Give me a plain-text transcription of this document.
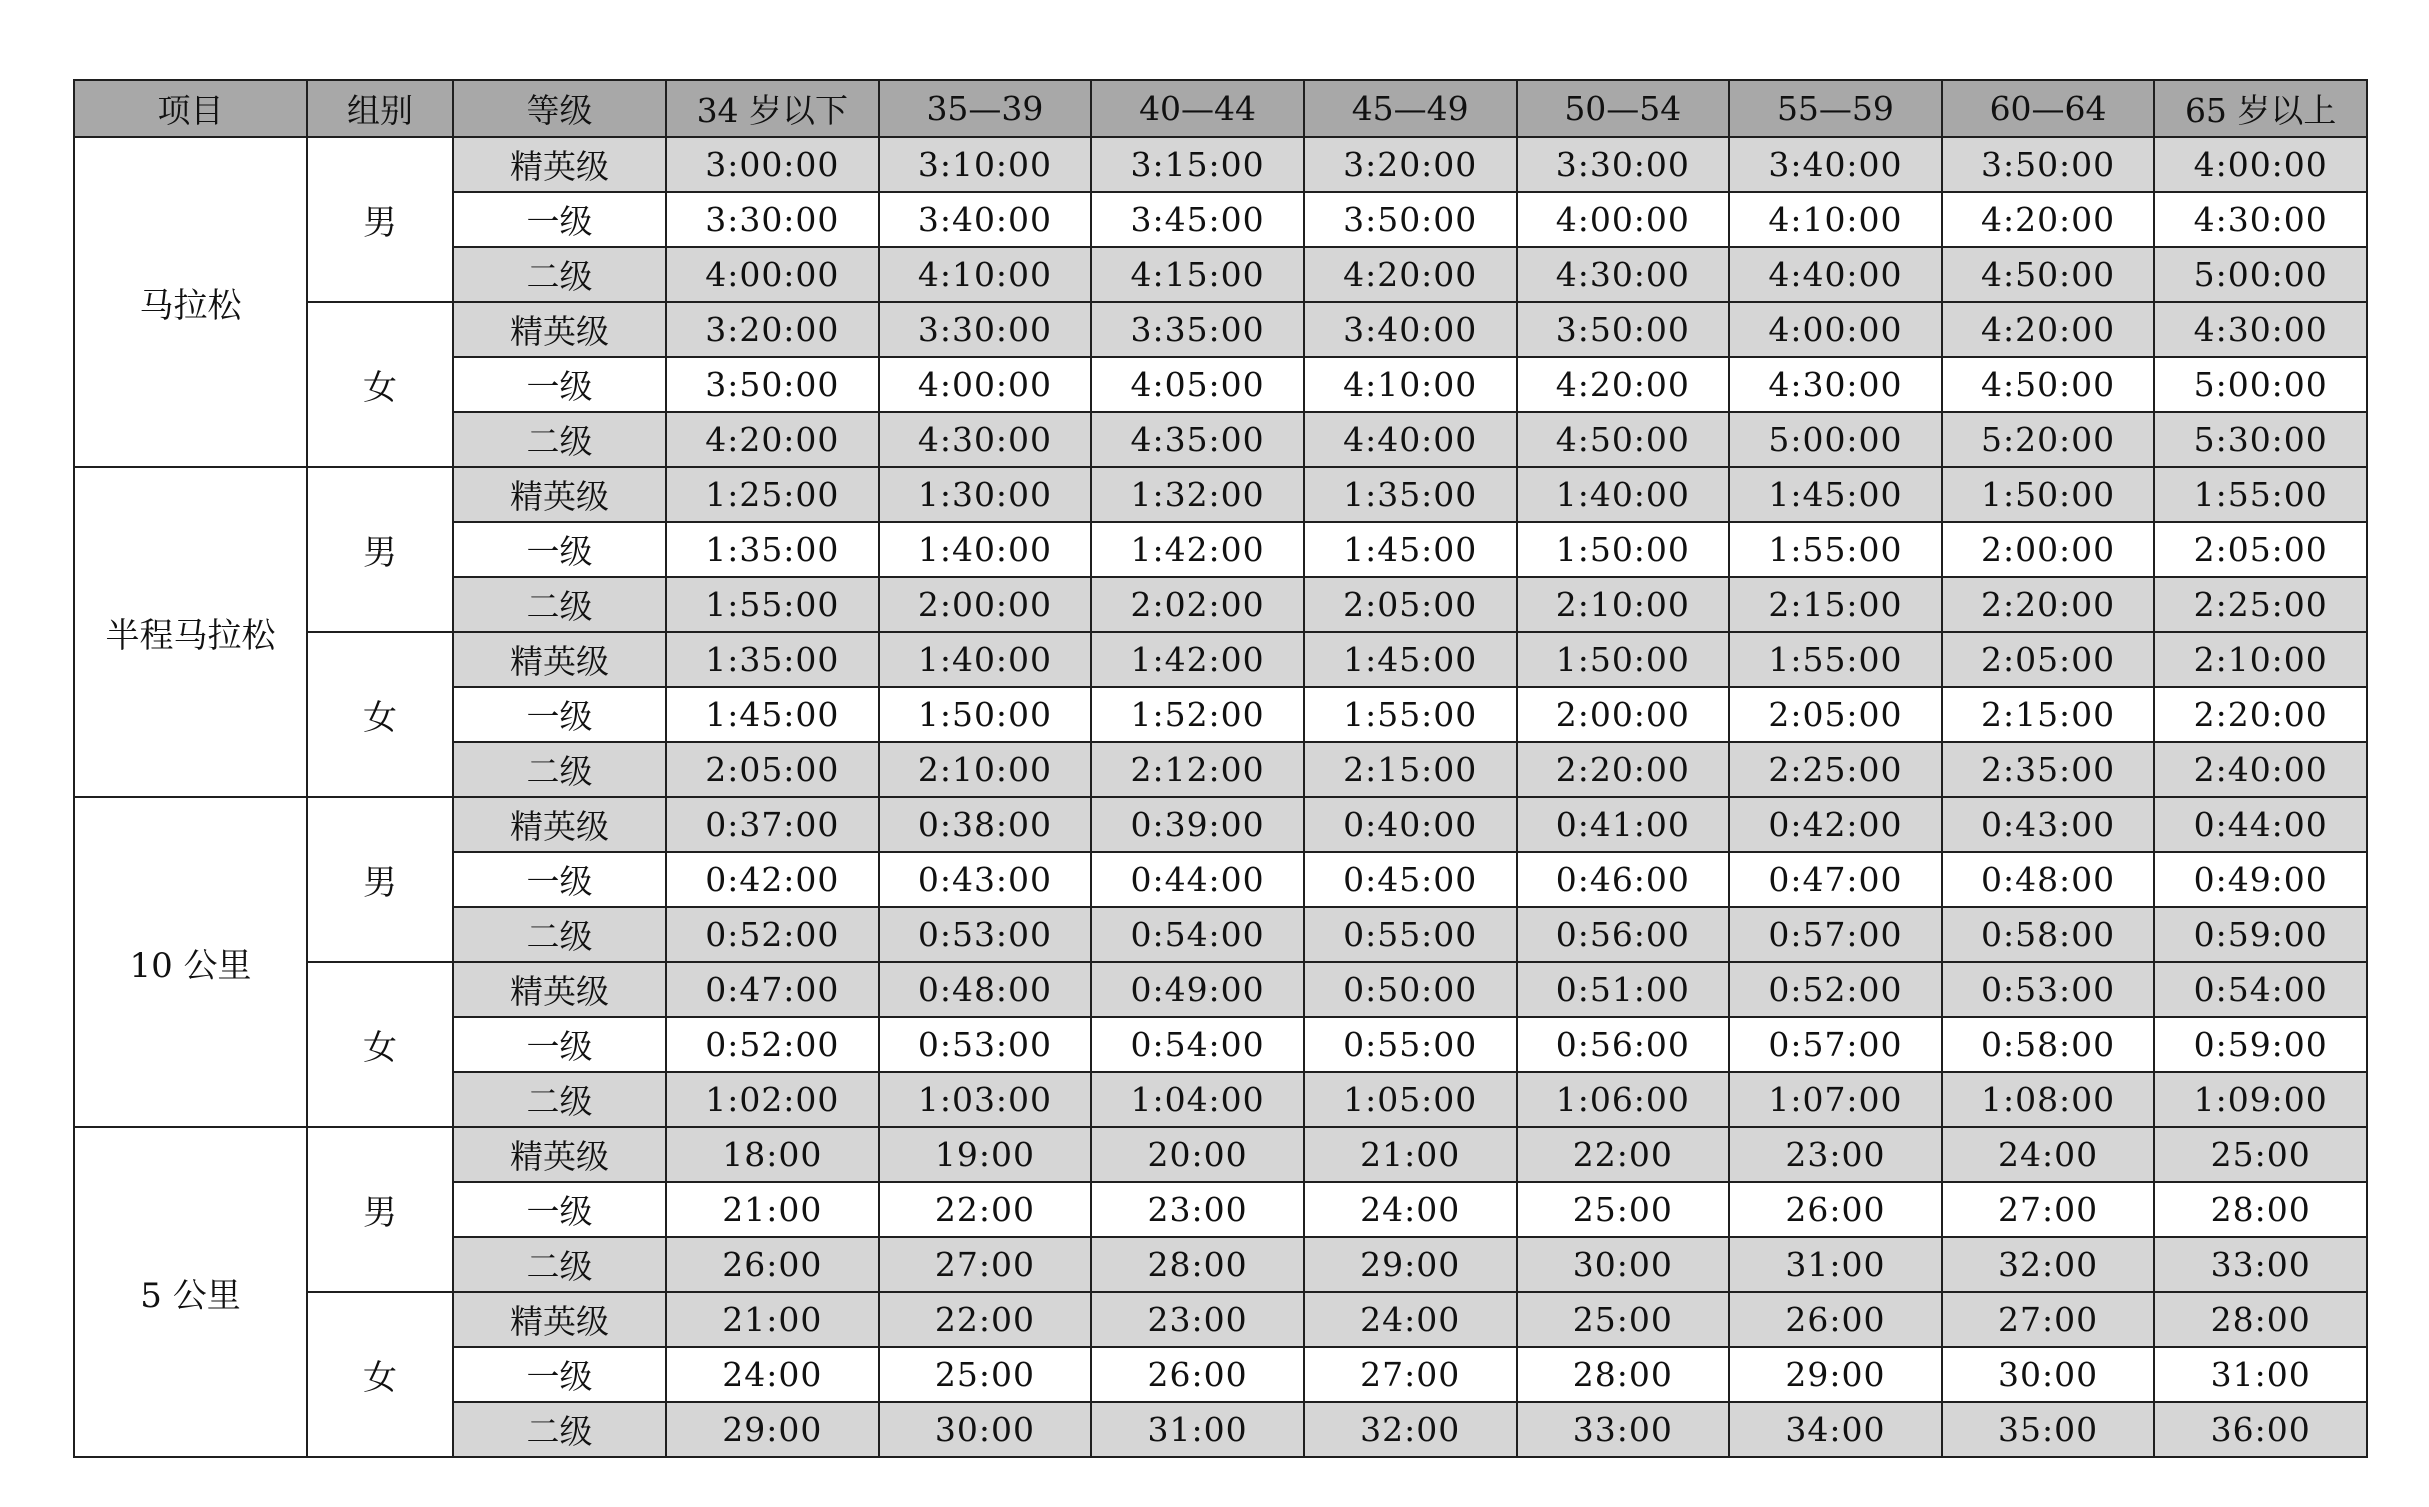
项目	组别	等级	34 岁以下	35—39	40—44	45—49	50—54	55—59	60—64	65 岁以上
马拉松	男	精英级	3:00:00	3:10:00	3:15:00	3:20:00	3:30:00	3:40:00	3:50:00	4:00:00
		一级	3:30:00	3:40:00	3:45:00	3:50:00	4:00:00	4:10:00	4:20:00	4:30:00
		二级	4:00:00	4:10:00	4:15:00	4:20:00	4:30:00	4:40:00	4:50:00	5:00:00
	女	精英级	3:20:00	3:30:00	3:35:00	3:40:00	3:50:00	4:00:00	4:20:00	4:30:00
		一级	3:50:00	4:00:00	4:05:00	4:10:00	4:20:00	4:30:00	4:50:00	5:00:00
		二级	4:20:00	4:30:00	4:35:00	4:40:00	4:50:00	5:00:00	5:20:00	5:30:00
半程马拉松	男	精英级	1:25:00	1:30:00	1:32:00	1:35:00	1:40:00	1:45:00	1:50:00	1:55:00
		一级	1:35:00	1:40:00	1:42:00	1:45:00	1:50:00	1:55:00	2:00:00	2:05:00
		二级	1:55:00	2:00:00	2:02:00	2:05:00	2:10:00	2:15:00	2:20:00	2:25:00
	女	精英级	1:35:00	1:40:00	1:42:00	1:45:00	1:50:00	1:55:00	2:05:00	2:10:00
		一级	1:45:00	1:50:00	1:52:00	1:55:00	2:00:00	2:05:00	2:15:00	2:20:00
		二级	2:05:00	2:10:00	2:12:00	2:15:00	2:20:00	2:25:00	2:35:00	2:40:00
10 公里	男	精英级	0:37:00	0:38:00	0:39:00	0:40:00	0:41:00	0:42:00	0:43:00	0:44:00
		一级	0:42:00	0:43:00	0:44:00	0:45:00	0:46:00	0:47:00	0:48:00	0:49:00
		二级	0:52:00	0:53:00	0:54:00	0:55:00	0:56:00	0:57:00	0:58:00	0:59:00
	女	精英级	0:47:00	0:48:00	0:49:00	0:50:00	0:51:00	0:52:00	0:53:00	0:54:00
		一级	0:52:00	0:53:00	0:54:00	0:55:00	0:56:00	0:57:00	0:58:00	0:59:00
		二级	1:02:00	1:03:00	1:04:00	1:05:00	1:06:00	1:07:00	1:08:00	1:09:00
5 公里	男	精英级	18:00	19:00	20:00	21:00	22:00	23:00	24:00	25:00
		一级	21:00	22:00	23:00	24:00	25:00	26:00	27:00	28:00
		二级	26:00	27:00	28:00	29:00	30:00	31:00	32:00	33:00
	女	精英级	21:00	22:00	23:00	24:00	25:00	26:00	27:00	28:00
		一级	24:00	25:00	26:00	27:00	28:00	29:00	30:00	31:00
		二级	29:00	30:00	31:00	32:00	33:00	34:00	35:00	36:00
